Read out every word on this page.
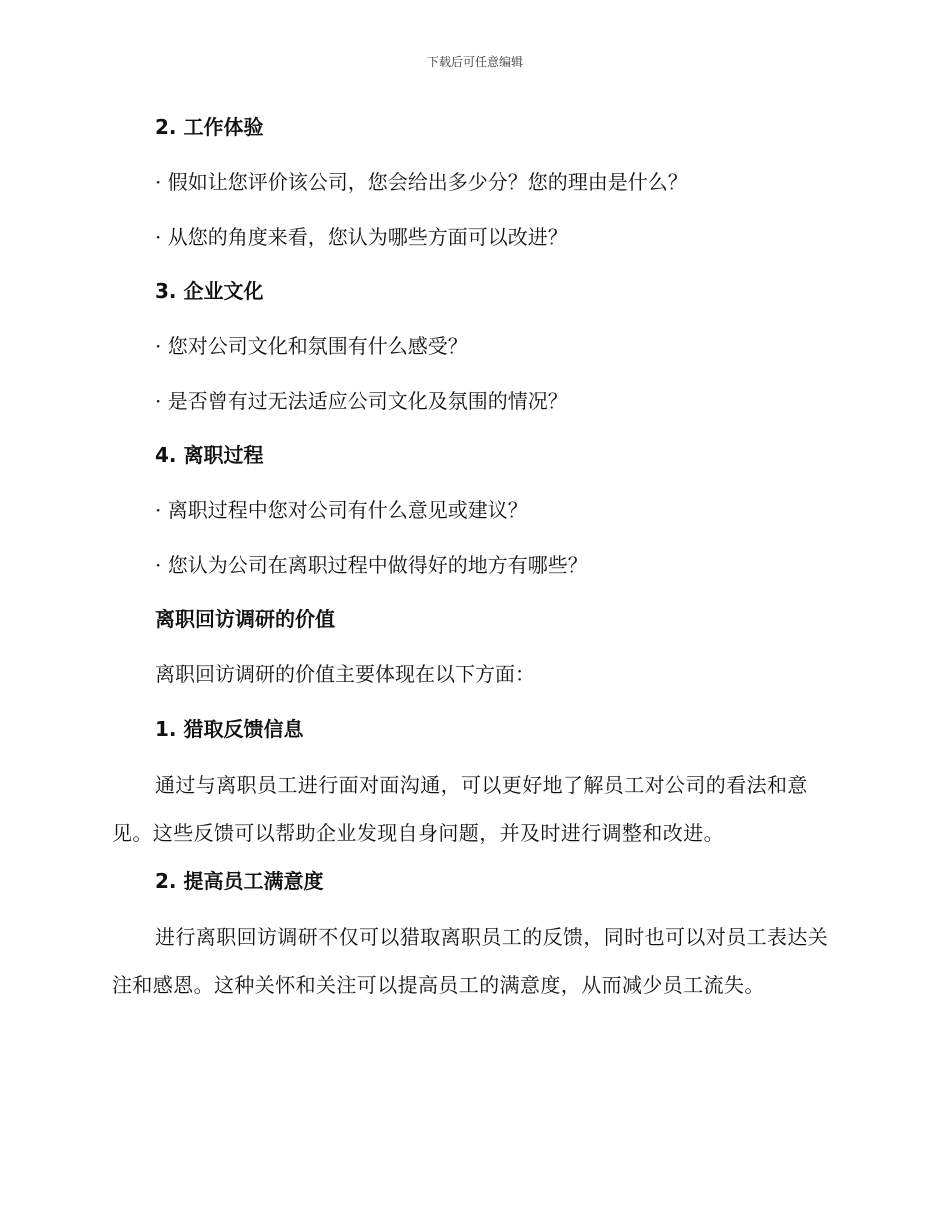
下载后可任意编辑
2. 工作体验
· 假如让您评价该公司，您会给出多少分？您的理由是什么？
· 从您的角度来看，您认为哪些方面可以改进？
3. 企业文化
· 您对公司文化和氛围有什么感受？
· 是否曾有过无法适应公司文化及氛围的情况？
4. 离职过程
· 离职过程中您对公司有什么意见或建议？
· 您认为公司在离职过程中做得好的地方有哪些？
离职回访调研的价值
离职回访调研的价值主要体现在以下方面：
1. 猎取反馈信息
通过与离职员工进行面对面沟通，可以更好地了解员工对公司的看法和意见。这些反馈可以帮助企业发现自身问题，并及时进行调整和改进。
2. 提高员工满意度
进行离职回访调研不仅可以猎取离职员工的反馈，同时也可以对员工表达关注和感恩。这种关怀和关注可以提高员工的满意度，从而减少员工流失。
